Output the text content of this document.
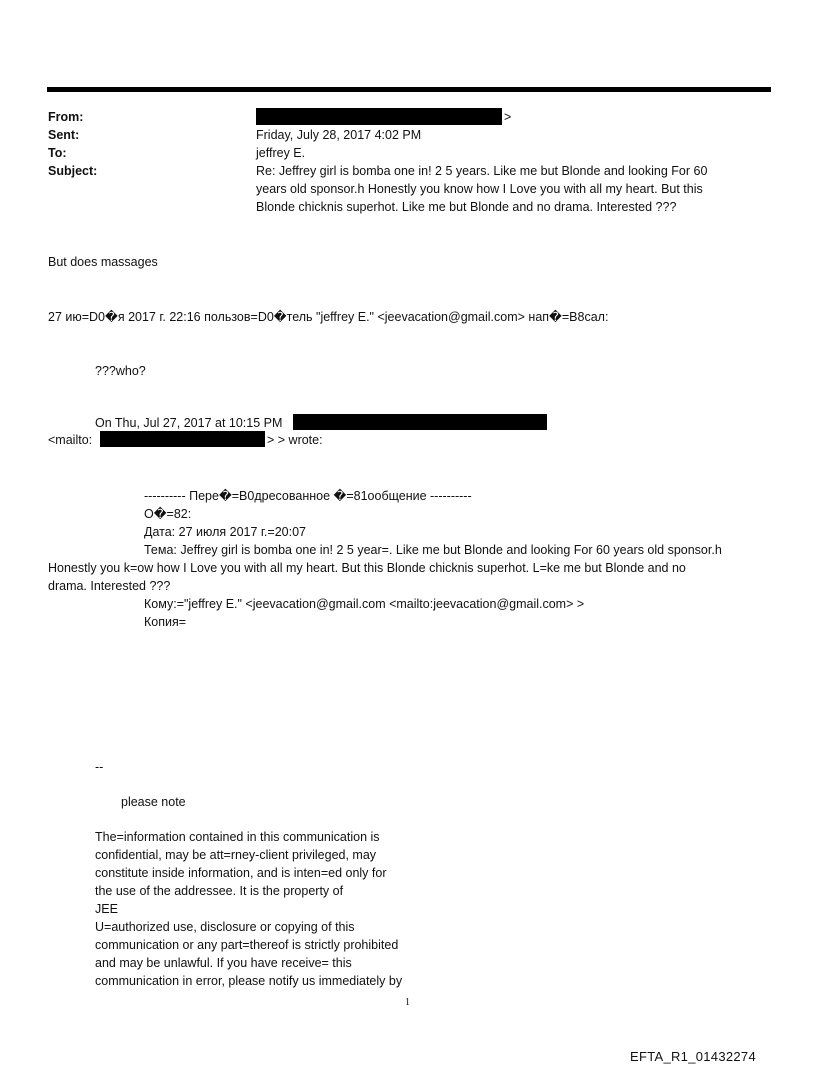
From:	>
Sent:	Friday, July 28, 2017 4:02 PM
To:	jeffrey E.
Subject:	Re: Jeffrey girl is bomba one in! 2 5 years. Like me but Blonde and looking For 60
years old sponsor.h Honestly you know how I Love you with all my heart. But this
Blonde chicknis superhot. Like me but Blonde and no drama. Interested ???
But does massages
27 ию=D0�я 2017 г. 22:16 пользов=D0�тель "jeffrey E." <jeevacation@gmail.com> нап�=B8сал:
???who?
On Thu, Jul 27, 2017 at 10:15 PM
<mailto:	> > wrote:
---------- Пере�=B0дресованное �=81ообщение ----------
О�=82:
Дата: 27 июля 2017 г.=20:07
Тема: Jeffrey girl is bomba one in! 2 5 year=. Like me but Blonde and looking For 60 years old sponsor.h
Honestly you k=ow how I Love you with all my heart. But this Blonde chicknis superhot. L=ke me but Blonde and no
drama. Interested ???
Кому:="jeffrey E." <jeevacation@gmail.com <mailto:jeevacation@gmail.com> >
Копия=
--
please note
The=information contained in this communication is
confidential, may be att=rney-client privileged, may
constitute inside information, and is inten=ed only for
the use of the addressee. It is the property of
JEE
U=authorized use, disclosure or copying of this
communication or any part=thereof is strictly prohibited
and may be unlawful. If you have receive= this
communication in error, please notify us immediately by
1
EFTA_R1_01432274
